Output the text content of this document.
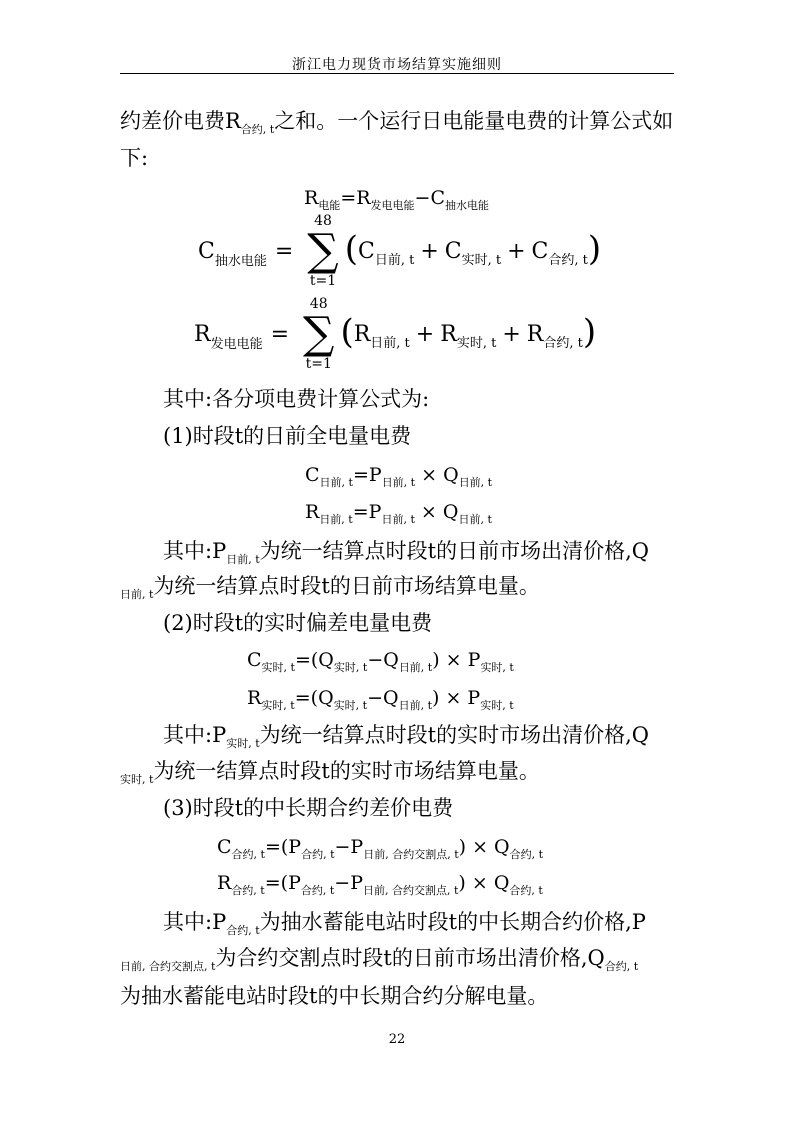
浙江电力现货市场结算实施细则
约差价电费$R_{合约, t}$之和。一个运行日电能量电费的计算公式如
下:
$R_{电能}=R_{发电电能}-C_{抽水电能}$
$C_{抽水电能}$ =
48
∑
t=1
( C 日前, t + C 实时, t + C 合约, t )
$R_{发电电能}$ =
48
∑
t=1
( R 日前, t + R 实时, t + R 合约, t )
其中:各分项电费计算公式为:
(1)时段t的日前全电量电费
$C_{日前, t}=P_{日前, t} \times Q_{日前, t}$
$R_{日前, t}=P_{日前, t} \times Q_{日前, t}$
其中$:P_{日前, t}$为统一结算点时段t的日前市场出清价格,Q
$_{日前, t}$为统一结算点时段t的日前市场结算电量。
(2)时段t的实时偏差电量电费
$C_{实时, t}=(Q_{实时, t}-Q_{日前, t}) \times P_{实时, t}$
$R_{实时, t}=(Q_{实时, t}-Q_{日前, t}) \times P_{实时, t}$
其中$:P_{实时, t}$为统一结算点时段t的实时市场出清价格,Q
$_{实时, t}$为统一结算点时段t的实时市场结算电量。
(3)时段t的中长期合约差价电费
$C_{合约, t}=(P_{合约, t}-P_{日前, 合约交割点, t}) \times Q_{合约, t}$
$R_{合约, t}=(P_{合约, t}-P_{日前, 合约交割点, t}) \times Q_{合约, t}$
其中$:P_{合约, t}$为抽水蓄能电站时段t的中长期合约价格,P
$_{日前, 合约交割点, t}$为合约交割点时段t的日前市场出清价格$,Q_{合约, t}$
为抽水蓄能电站时段t的中长期合约分解电量。
22
